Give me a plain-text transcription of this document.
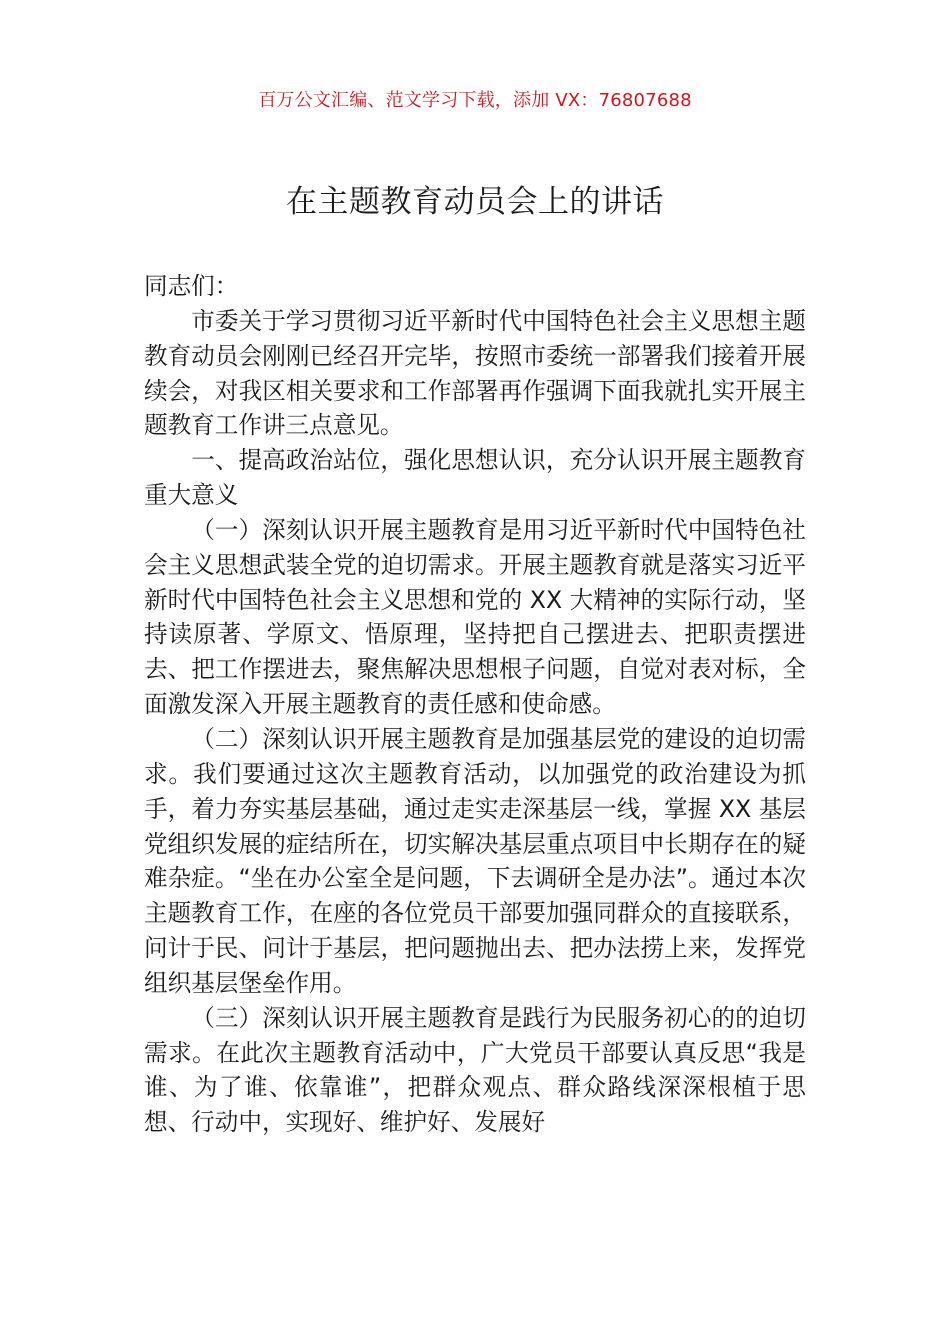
百万公文汇编、范文学习下载，添加 VX：76807688
在主题教育动员会上的讲话

同志们：

市委关于学习贯彻习近平新时代中国特色社会主义思想主题教育动员会刚刚已经召开完毕，按照市委统一部署我们接着开展续会，对我区相关要求和工作部署再作强调下面我就扎实开展主题教育工作讲三点意见。

一、提高政治站位，强化思想认识，充分认识开展主题教育重大意义

（一）深刻认识开展主题教育是用习近平新时代中国特色社会主义思想武装全党的迫切需求。开展主题教育就是落实习近平新时代中国特色社会主义思想和党的 XX 大精神的实际行动，坚持读原著、学原文、悟原理，坚持把自己摆进去、把职责摆进去、把工作摆进去，聚焦解决思想根子问题，自觉对表对标，全面激发深入开展主题教育的责任感和使命感。

（二）深刻认识开展主题教育是加强基层党的建设的迫切需求。我们要通过这次主题教育活动，以加强党的政治建设为抓手，着力夯实基层基础，通过走实走深基层一线，掌握 XX 基层党组织发展的症结所在，切实解决基层重点项目中长期存在的疑难杂症。“坐在办公室全是问题，下去调研全是办法”。通过本次主题教育工作，在座的各位党员干部要加强同群众的直接联系，问计于民、问计于基层，把问题抛出去、把办法捞上来，发挥党组织基层堡垒作用。

（三）深刻认识开展主题教育是践行为民服务初心的的迫切需求。在此次主题教育活动中，广大党员干部要认真反思“我是谁、为了谁、依靠谁”，把群众观点、群众路线深深根植于思想、行动中，实现好、维护好、发展好
